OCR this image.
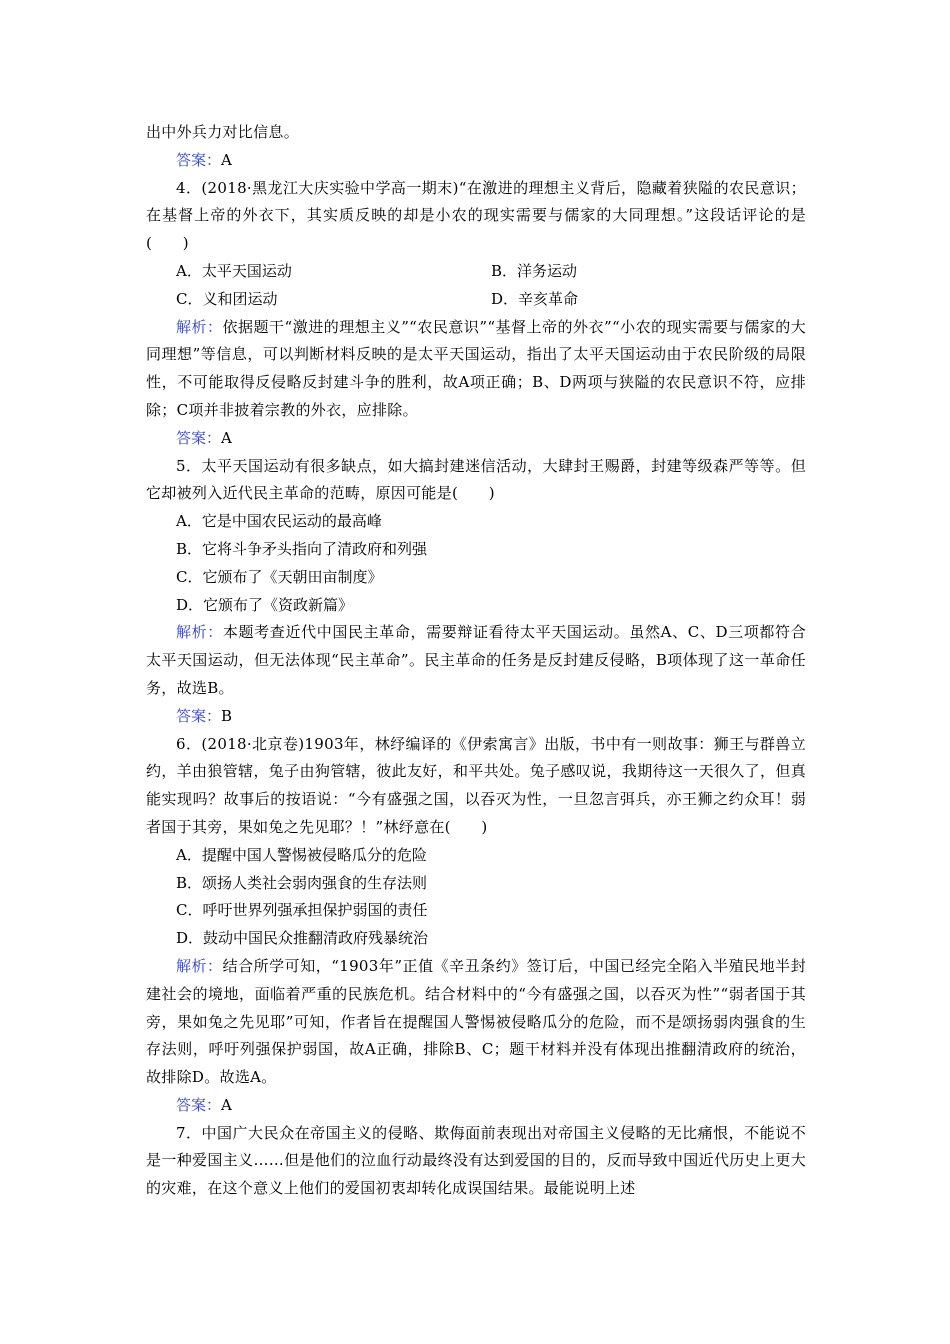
出中外兵力对比信息。

答案：A

4．(2018·黑龙江大庆实验中学高一期末)“在激进的理想主义背后，隐藏着狭隘的农民意识；在基督上帝的外衣下，其实质反映的却是小农的现实需要与儒家的大同理想。”这段话评论的是(　　)

A．太平天国运动	B．洋务运动
C．义和团运动	D．辛亥革命

解析：依据题干“激进的理想主义”“农民意识”“基督上帝的外衣”“小农的现实需要与儒家的大同理想”等信息，可以判断材料反映的是太平天国运动，指出了太平天国运动由于农民阶级的局限性，不可能取得反侵略反封建斗争的胜利，故A项正确；B、D两项与狭隘的农民意识不符，应排除；C项并非披着宗教的外衣，应排除。

答案：A

5．太平天国运动有很多缺点，如大搞封建迷信活动，大肆封王赐爵，封建等级森严等等。但它却被列入近代民主革命的范畴，原因可能是(　　)

A．它是中国农民运动的最高峰

B．它将斗争矛头指向了清政府和列强

C．它颁布了《天朝田亩制度》

D．它颁布了《资政新篇》

解析：本题考查近代中国民主革命，需要辩证看待太平天国运动。虽然A、C、D三项都符合太平天国运动，但无法体现“民主革命”。民主革命的任务是反封建反侵略，B项体现了这一革命任务，故选B。

答案：B

6．(2018·北京卷)1903年，林纾编译的《伊索寓言》出版，书中有一则故事：狮王与群兽立约，羊由狼管辖，兔子由狗管辖，彼此友好，和平共处。兔子感叹说，我期待这一天很久了，但真能实现吗？故事后的按语说：“今有盛强之国，以吞灭为性，一旦忽言弭兵，亦王狮之约众耳！弱者国于其旁，果如兔之先见耶？！”林纾意在(　　)

A．提醒中国人警惕被侵略瓜分的危险

B．颂扬人类社会弱肉强食的生存法则

C．呼吁世界列强承担保护弱国的责任

D．鼓动中国民众推翻清政府残暴统治

解析：结合所学可知，“1903年”正值《辛丑条约》签订后，中国已经完全陷入半殖民地半封建社会的境地，面临着严重的民族危机。结合材料中的“今有盛强之国，以吞灭为性”“弱者国于其旁，果如兔之先见耶”可知，作者旨在提醒国人警惕被侵略瓜分的危险，而不是颂扬弱肉强食的生存法则，呼吁列强保护弱国，故A正确，排除B、C；题干材料并没有体现出推翻清政府的统治，故排除D。故选A。

答案：A

7．中国广大民众在帝国主义的侵略、欺侮面前表现出对帝国主义侵略的无比痛恨，不能说不是一种爱国主义……但是他们的泣血行动最终没有达到爱国的目的，反而导致中国近代历史上更大的灾难，在这个意义上他们的爱国初衷却转化成误国结果。最能说明上述
